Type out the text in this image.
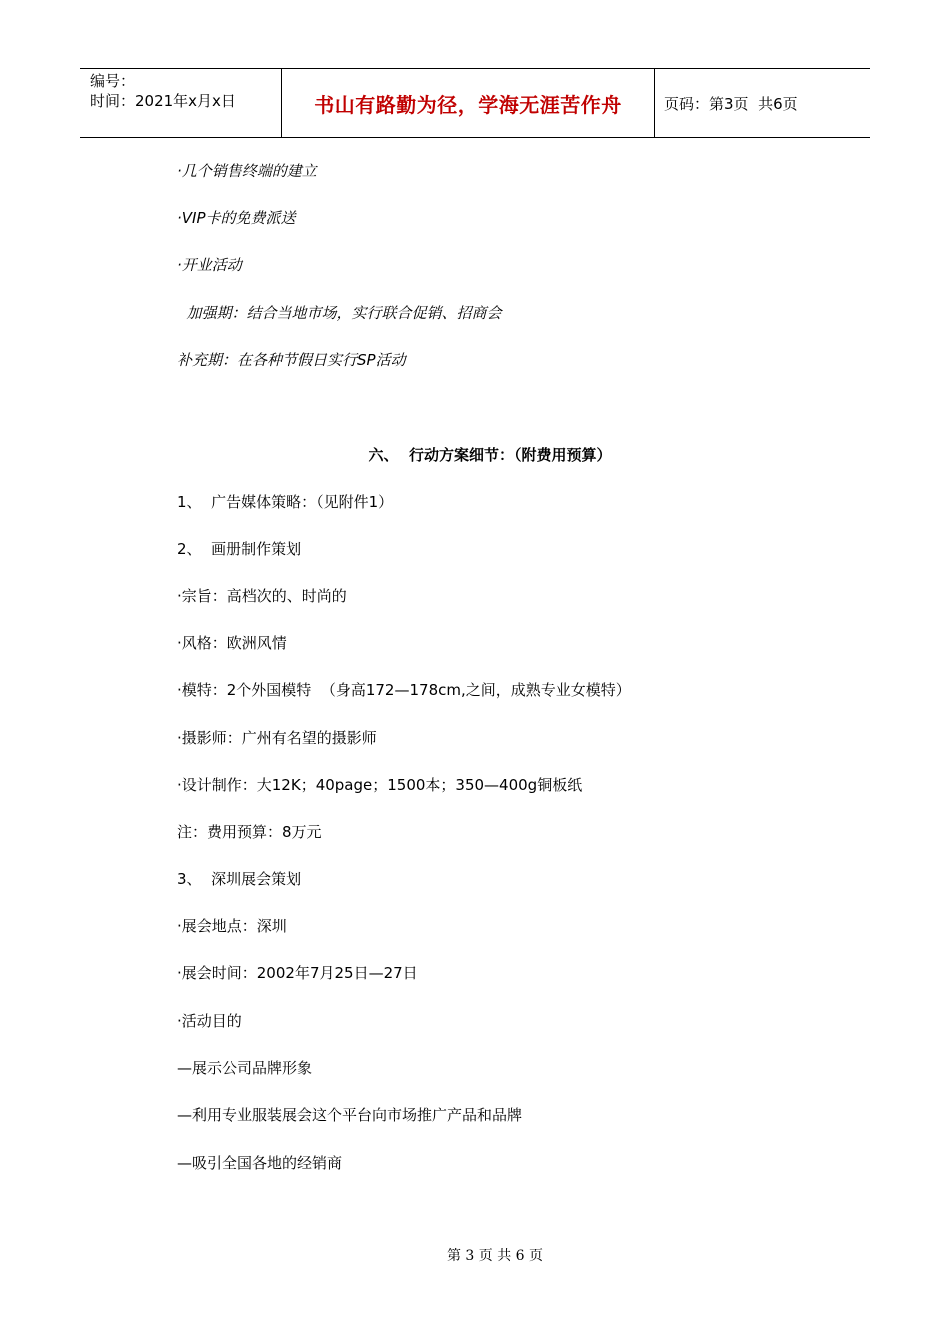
编号：
时间：2021年x月x日	书山有路勤为径，学海无涯苦作舟	页码：第3页  共6页
·几个销售终端的建立
·VIP卡的免费派送
·开业活动
加强期：结合当地市场，实行联合促销、招商会
补充期：在各种节假日实行SP活动
六、  行动方案细节：（附费用预算）
1、  广告媒体策略：（见附件1）
2、  画册制作策划
·宗旨：高档次的、时尚的
·风格：欧洲风情
·模特：2个外国模特  （身高172—178cm,之间，成熟专业女模特）
·摄影师：广州有名望的摄影师
·设计制作：大12K；40page；1500本；350—400g铜板纸
注：费用预算：8万元
3、  深圳展会策划
·展会地点：深圳
·展会时间：2002年7月25日—27日
·活动目的
—展示公司品牌形象
—利用专业服装展会这个平台向市场推广产品和品牌
—吸引全国各地的经销商
第 3 页 共 6 页
